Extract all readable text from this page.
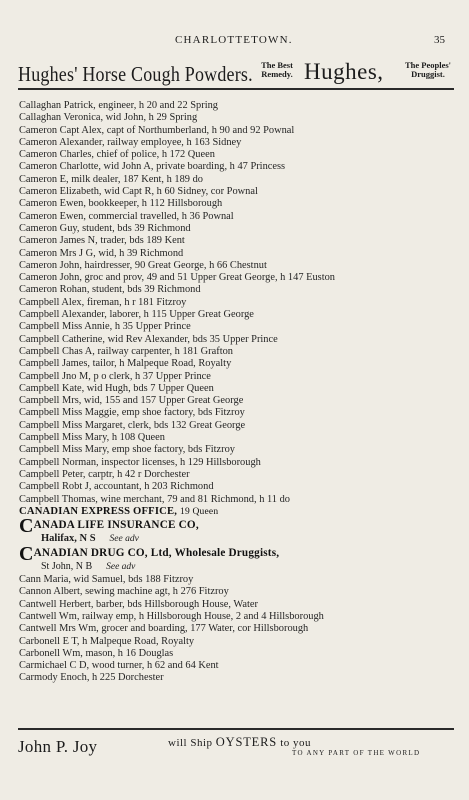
CHARLOTTETOWN.	35
Hughes' Horse Cough Powders. The Best
Remedy. Hughes,	The Peoples'
Druggist.
Callaghan Patrick, engineer, h 20 and 22 Spring
Callaghan Veronica, wid John, h 29 Spring
Cameron Capt Alex, capt of Northumberland, h 90 and 92 Pownal
Cameron Alexander, railway employee, h 163 Sidney
Cameron Charles, chief of police, h 172 Queen
Cameron Charlotte, wid John A, private boarding, h 47 Princess
Cameron E, milk dealer, 187 Kent, h 189 do
Cameron Elizabeth, wid Capt R, h 60 Sidney, cor Pownal
Cameron Ewen, bookkeeper, h 112 Hillsborough
Cameron Ewen, commercial travelled, h 36 Pownal
Cameron Guy, student, bds 39 Richmond
Cameron James N, trader, bds 189 Kent
Cameron Mrs J G, wid, h 39 Richmond
Cameron John, hairdresser, 90 Great George, h 66 Chestnut
Cameron John, groc and prov, 49 and 51 Upper Great George, h 147 Euston
Cameron Rohan, student, bds 39 Richmond
Campbell Alex, fireman, h r 181 Fitzroy
Campbell Alexander, laborer, h 115 Upper Great George
Campbell Miss Annie, h 35 Upper Prince
Campbell Catherine, wid Rev Alexander, bds 35 Upper Prince
Campbell Chas A, railway carpenter, h 181 Grafton
Campbell James, tailor, h Malpeque Road, Royalty
Campbell Jno M, p o clerk, h 37 Upper Prince
Campbell Kate, wid Hugh, bds 7 Upper Queen
Campbell Mrs, wid, 155 and 157 Upper Great George
Campbell Miss Maggie, emp shoe factory, bds Fitzroy
Campbell Miss Margaret, clerk, bds 132 Great George
Campbell Miss Mary, h 108 Queen
Campbell Miss Mary, emp shoe factory, bds Fitzroy
Campbell Norman, inspector licenses, h 129 Hillsborough
Campbell Peter, carptr, h 42 r Dorchester
Campbell Robt J, accountant, h 203 Richmond
Campbell Thomas, wine merchant, 79 and 81 Richmond, h 11 do
CANADIAN EXPRESS OFFICE, 19 Queen
CANADA LIFE INSURANCE CO,
Halifax, N S See adv
CANADIAN DRUG CO, Ltd, Wholesale Druggists,
St John, N B See adv
Cann Maria, wid Samuel, bds 188 Fitzroy
Cannon Albert, sewing machine agt, h 276 Fitzroy
Cantwell Herbert, barber, bds Hillsborough House, Water
Cantwell Wm, railway emp, h Hillsborough House, 2 and 4 Hillsborough
Cantwell Mrs Wm, grocer and boarding, 177 Water, cor Hillsborough
Carbonell E T, h Malpeque Road, Royalty
Carbonell Wm, mason, h 16 Douglas
Carmichael C D, wood turner, h 62 and 64 Kent
Carmody Enoch, h 225 Dorchester
John P. Joy	will Ship OYSTERS to you
TO ANY PART OF THE WORLD
